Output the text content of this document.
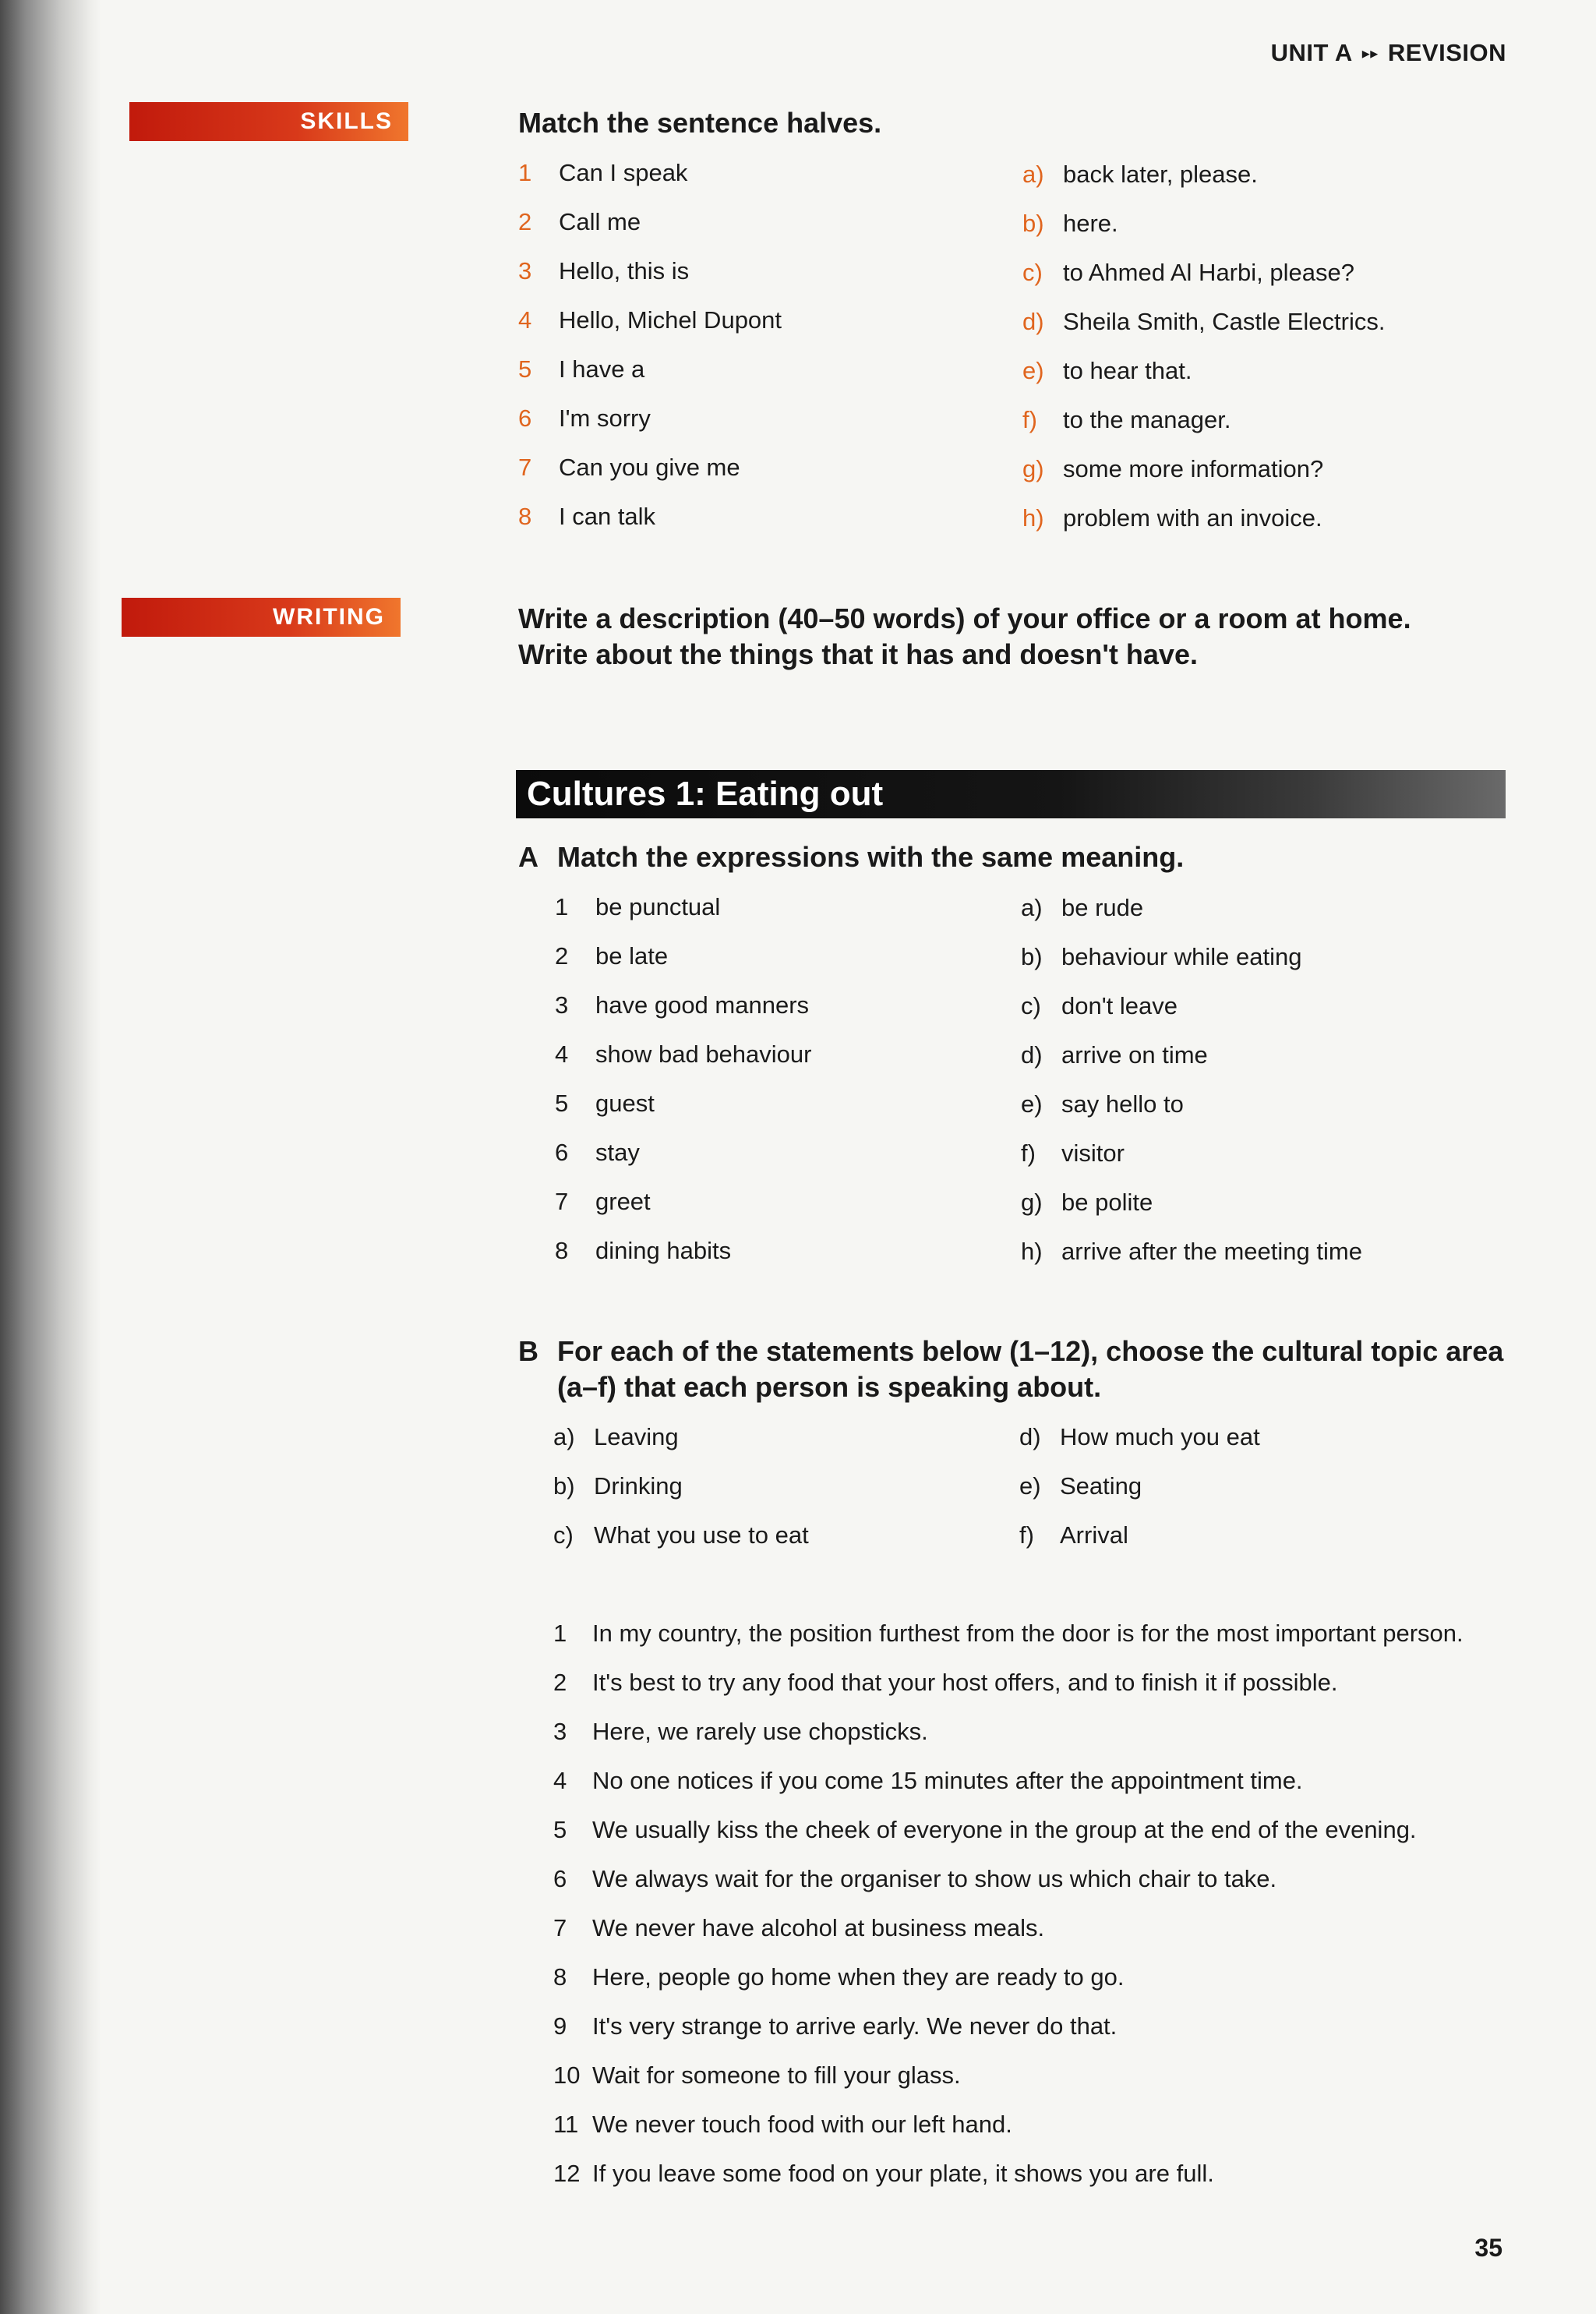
UNIT A ▸▸ REVISION
SKILLS	Match the sentence halves.
1 Can I speak
2 Call me
3 Hello, this is
4 Hello, Michel Dupont
5 I have a
6 I'm sorry
7 Can you give me
8 I can talk
a) back later, please.
b) here.
c) to Ahmed Al Harbi, please?
d) Sheila Smith, Castle Electrics.
e) to hear that.
f) to the manager.
g) some more information?
h) problem with an invoice.
WRITING	Write a description (40–50 words) of your office or a room at home.
Write about the things that it has and doesn't have.
Cultures 1: Eating out
A Match the expressions with the same meaning.
1 be punctual
2 be late
3 have good manners
4 show bad behaviour
5 guest
6 stay
7 greet
8 dining habits
a) be rude
b) behaviour while eating
c) don't leave
d) arrive on time
e) say hello to
f) visitor
g) be polite
h) arrive after the meeting time
B For each of the statements below (1–12), choose the cultural topic area
(a–f) that each person is speaking about.
a) Leaving
b) Drinking
c) What you use to eat
d) How much you eat
e) Seating
f) Arrival
1 In my country, the position furthest from the door is for the most important person.
2 It's best to try any food that your host offers, and to finish it if possible.
3 Here, we rarely use chopsticks.
4 No one notices if you come 15 minutes after the appointment time.
5 We usually kiss the cheek of everyone in the group at the end of the evening.
6 We always wait for the organiser to show us which chair to take.
7 We never have alcohol at business meals.
8 Here, people go home when they are ready to go.
9 It's very strange to arrive early. We never do that.
10 Wait for someone to fill your glass.
11 We never touch food with our left hand.
12 If you leave some food on your plate, it shows you are full.
35
